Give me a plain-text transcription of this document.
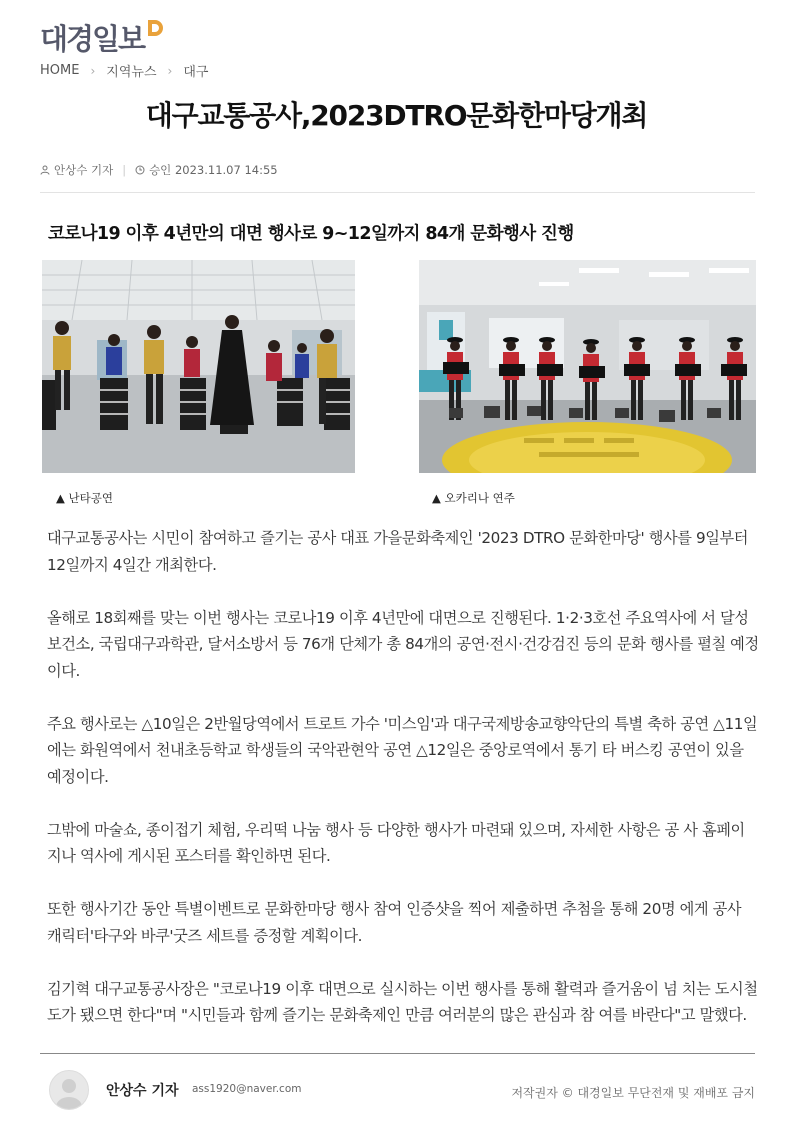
대경일보
HOME › 지역뉴스 › 대구
대구교통공사,2023DTRO문화한마당개최
안상수 기자 | 승인 2023.11.07 14:55
코로나19 이후 4년만의 대면 행사로 9~12일까지 84개 문화행사 진행
▲ 난타공연	▲ 오카리나 연주

대구교통공사는 시민이 참여하고 즐기는 공사 대표 가을문화축제인 '2023 DTRO 문화한마당' 행사를 9일부터 12일까지 4일간 개최한다.

올해로 18회째를 맞는 이번 행사는 코로나19 이후 4년만에 대면으로 진행된다. 1·2·3호선 주요역사에 서 달성보건소, 국립대구과학관, 달서소방서 등 76개 단체가 총 84개의 공연·전시·건강검진 등의 문화 행사를 펼칠 예정이다.

주요 행사로는 △10일은 2반월당역에서 트로트 가수 '미스임'과 대구국제방송교향악단의 특별 축하 공연 △11일에는 화원역에서 천내초등학교 학생들의 국악관현악 공연 △12일은 중앙로역에서 통기 타 버스킹 공연이 있을 예정이다.

그밖에 마술쇼, 종이접기 체험, 우리떡 나눔 행사 등 다양한 행사가 마련돼 있으며, 자세한 사항은 공 사 홈페이지나 역사에 게시된 포스터를 확인하면 된다.

또한 행사기간 동안 특별이벤트로 문화한마당 행사 참여 인증샷을 찍어 제출하면 추첨을 통해 20명 에게 공사 캐릭터'타구와 바쿠'굿즈 세트를 증정할 계획이다.

김기혁 대구교통공사장은 "코로나19 이후 대면으로 실시하는 이번 행사를 통해 활력과 즐거움이 넘 치는 도시철도가 됐으면 한다"며 "시민들과 함께 즐기는 문화축제인 만큼 여러분의 많은 관심과 참 여를 바란다"고 말했다.

안상수 기자 ass1920@naver.com	저작권자 © 대경일보 무단전재 및 재배포 금지
